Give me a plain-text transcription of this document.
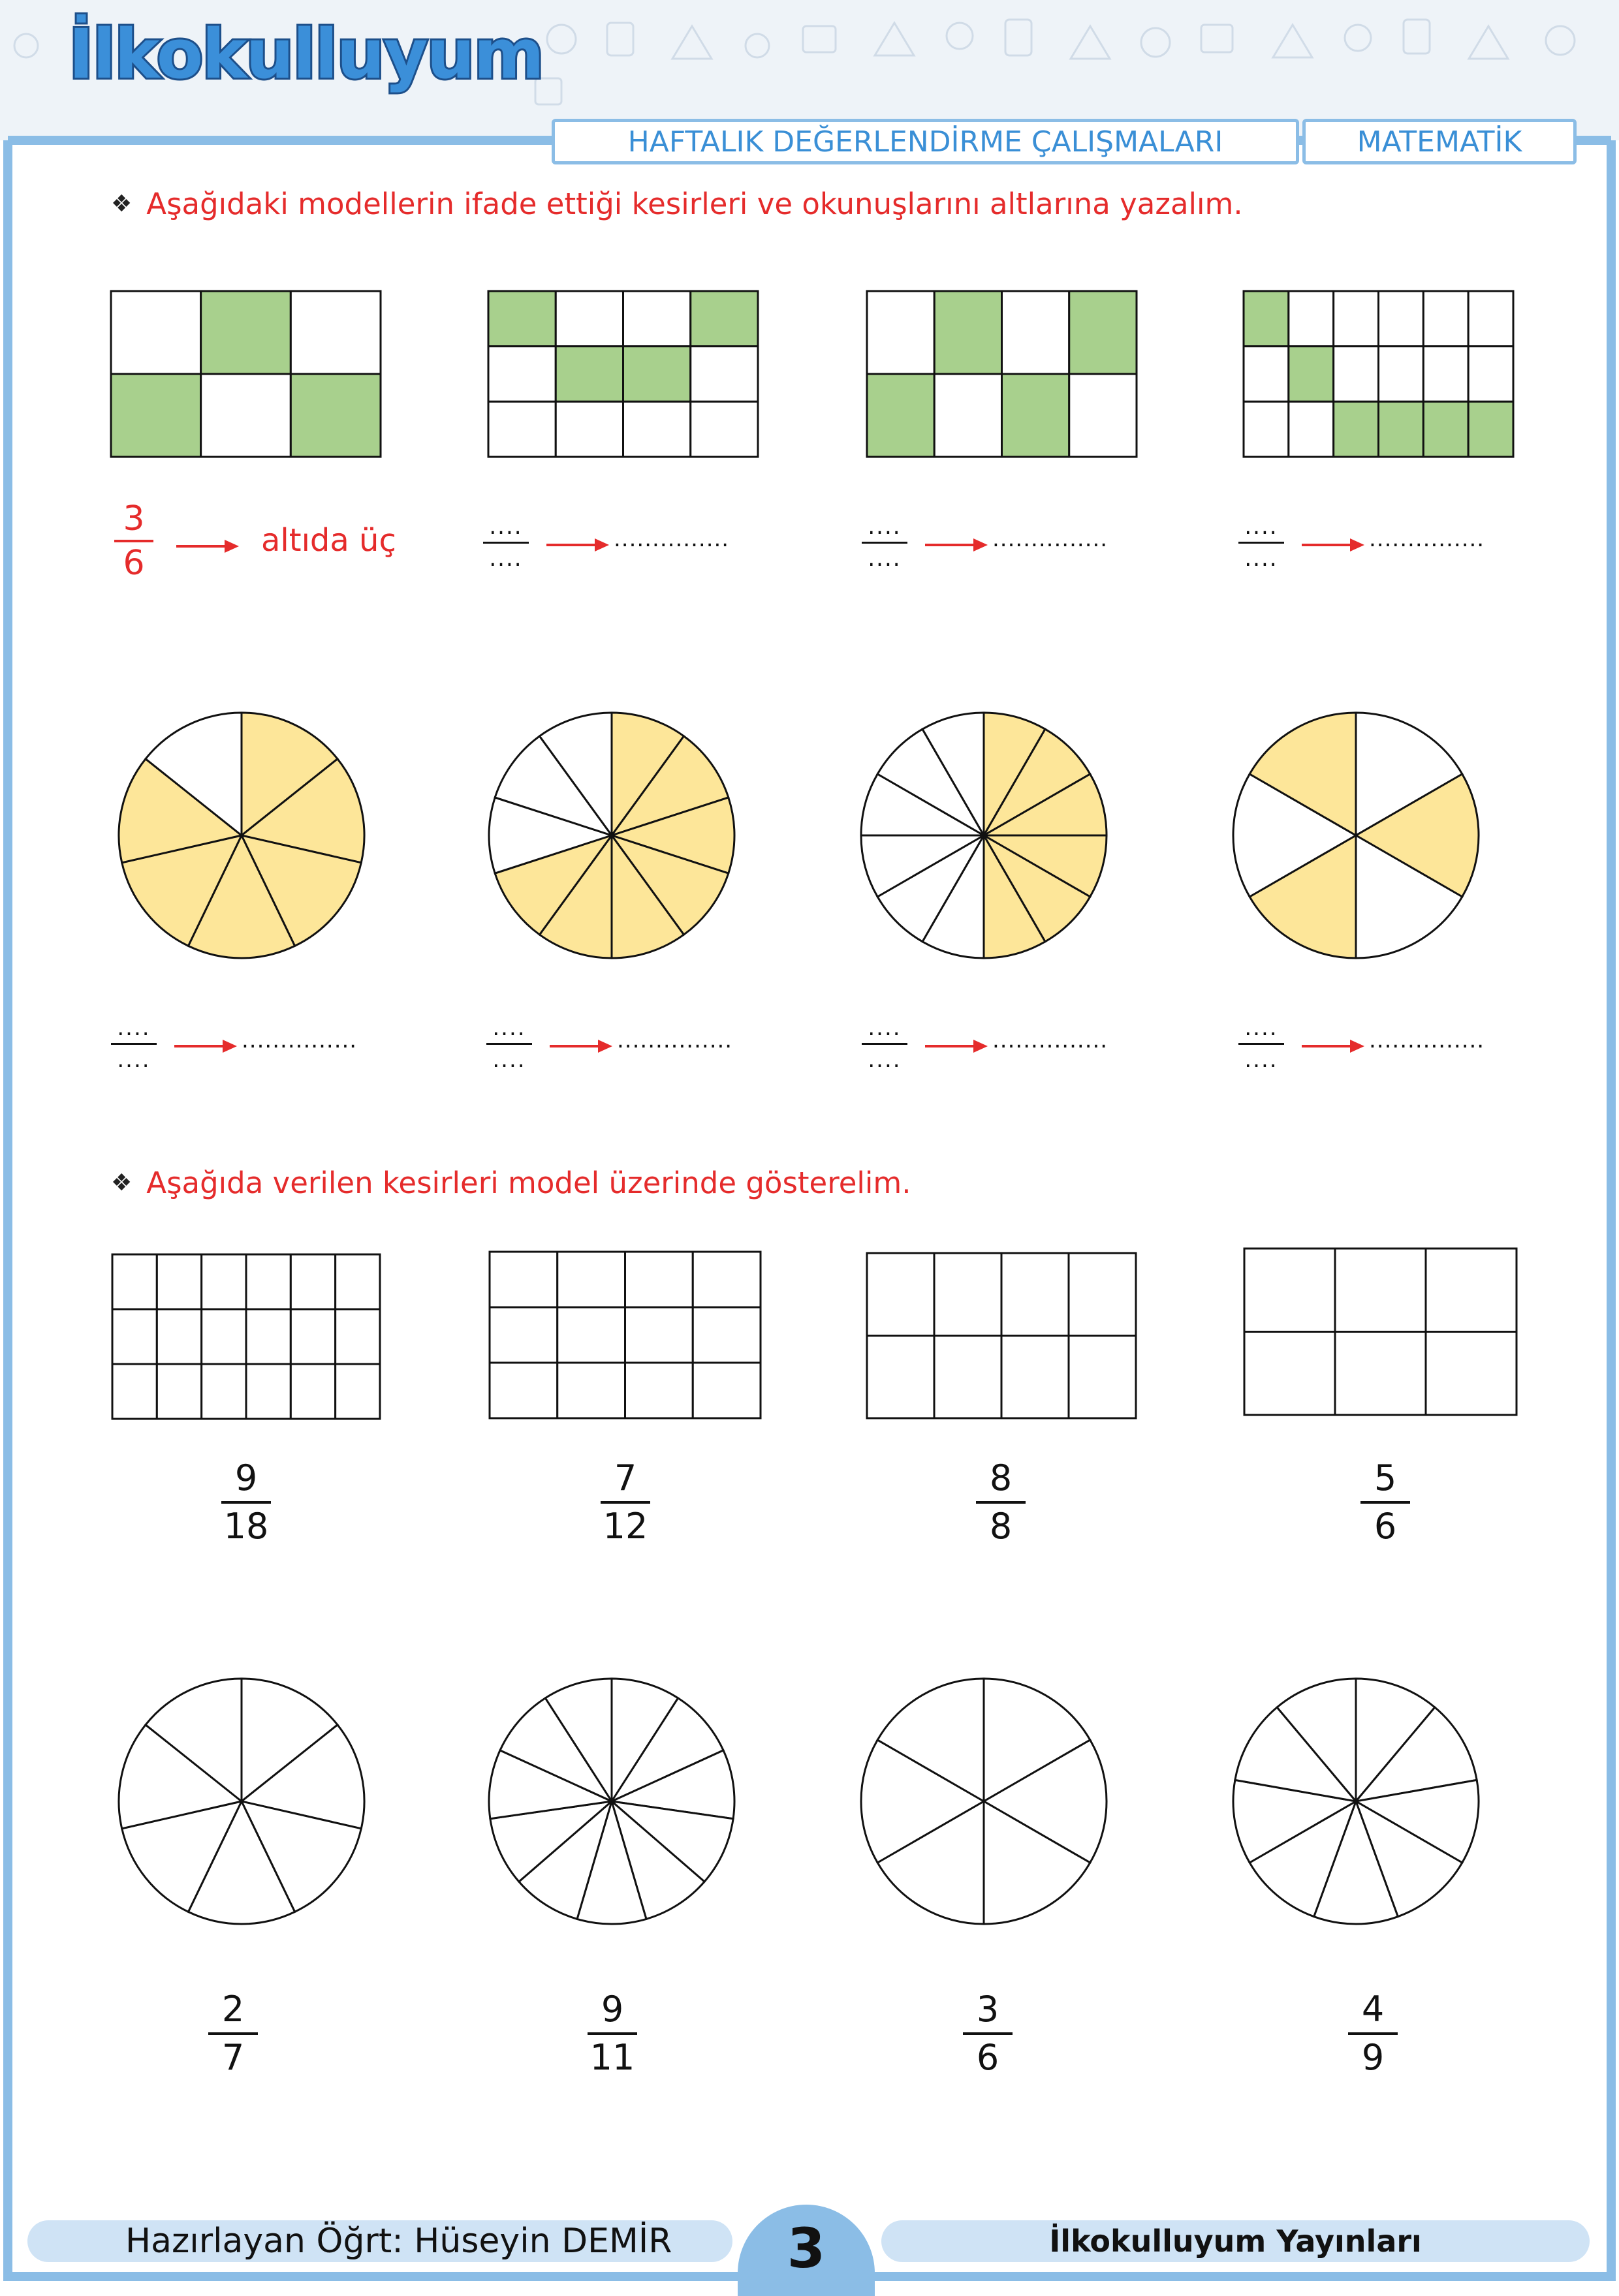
İlkokulluyum
HAFTALIK DEĞERLENDİRME ÇALIŞMALARI	MATEMATİK
❖ Aşağıdaki modellerin ifade ettiği kesirleri ve okunuşlarını altlarına yazalım.
3
6
altıda üç	....
....
...............	....
....
...............	....
....
...............
....
....
...............	....
....
...............	....
....
...............	....
....
...............
❖ Aşağıda verilen kesirleri model üzerinde gösterelim.
9
18
7
12
8
8
5
6
2
7
9
11
3
6
4
9
Hazırlayan Öğrt: Hüseyin DEMİR	İlkokulluyum Yayınları
3
